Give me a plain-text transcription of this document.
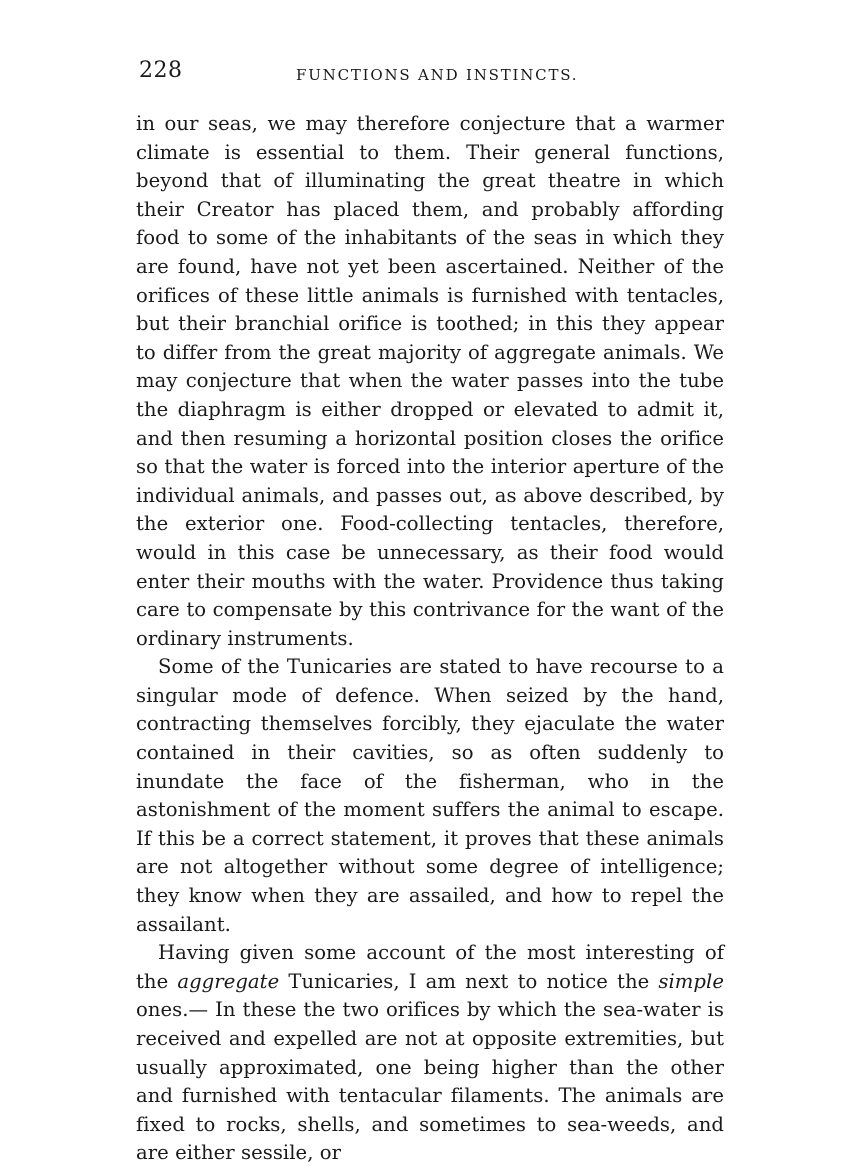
228	FUNCTIONS AND INSTINCTS.

in our seas, we may therefore conjecture that a warmer climate is essential to them. Their general functions, beyond that of illuminating the great theatre in which their Creator has placed them, and probably affording food to some of the inhabitants of the seas in which they are found, have not yet been ascertained. Neither of the orifices of these little animals is furnished with tentacles, but their branchial orifice is toothed; in this they appear to differ from the great majority of aggregate animals. We may conjecture that when the water passes into the tube the diaphragm is either dropped or elevated to admit it, and then resuming a horizontal position closes the orifice so that the water is forced into the interior aperture of the individual animals, and passes out, as above described, by the exterior one. Food-collecting tentacles, therefore, would in this case be unnecessary, as their food would enter their mouths with the water. Providence thus taking care to compensate by this contrivance for the want of the ordinary instruments.

Some of the Tunicaries are stated to have recourse to a singular mode of defence. When seized by the hand, contracting themselves forcibly, they ejaculate the water contained in their cavities, so as often suddenly to inundate the face of the fisherman, who in the astonishment of the moment suffers the animal to escape. If this be a correct statement, it proves that these animals are not altogether without some degree of intelligence; they know when they are assailed, and how to repel the assailant.

Having given some account of the most interesting of the aggregate Tunicaries, I am next to notice the simple ones.— In these the two orifices by which the sea-water is received and expelled are not at opposite extremities, but usually approximated, one being higher than the other and furnished with tentacular filaments. The animals are fixed to rocks, shells, and sometimes to sea-weeds, and are either sessile, or
